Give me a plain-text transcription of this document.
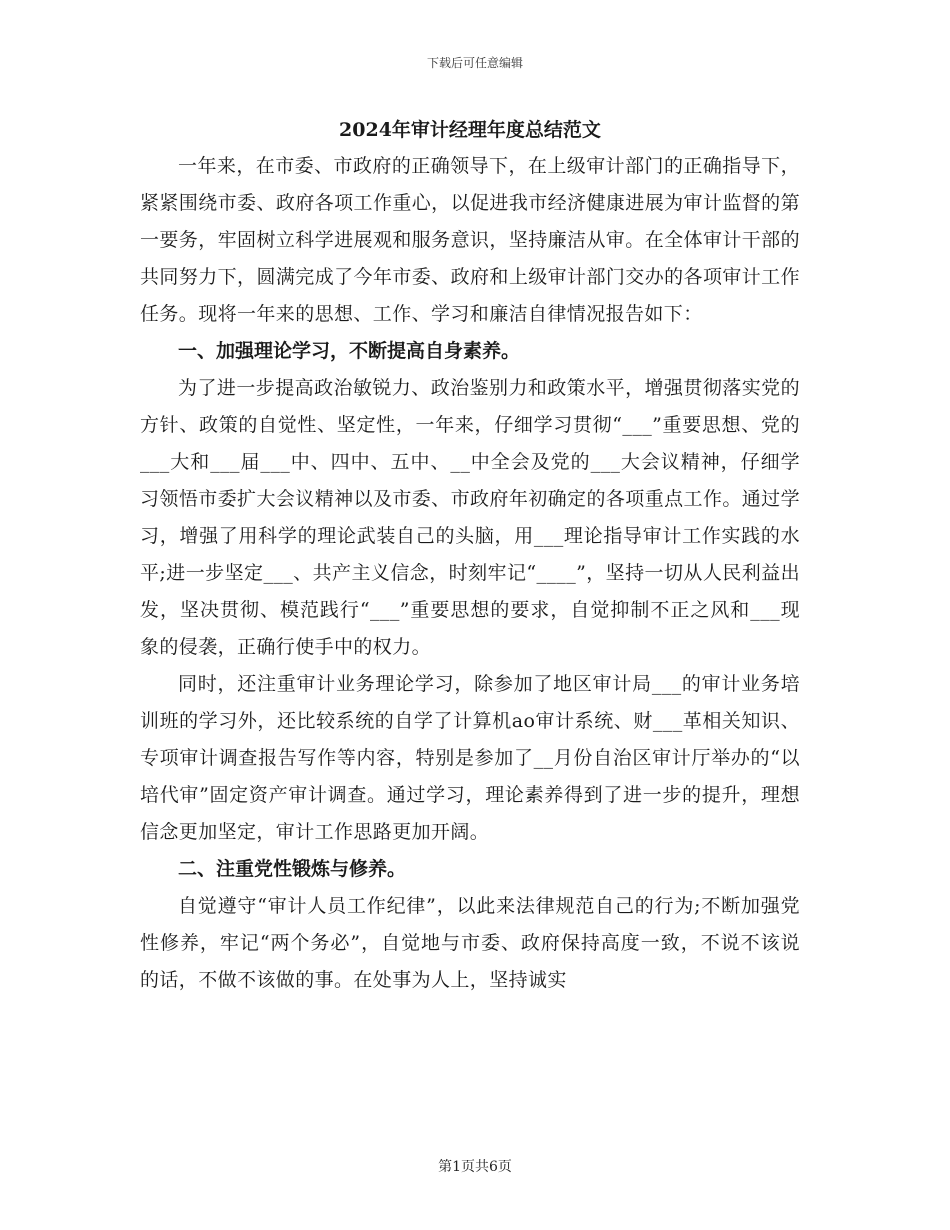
下载后可任意编辑
2024年审计经理年度总结范文

一年来，在市委、市政府的正确领导下，在上级审计部门的正确指导下，紧紧围绕市委、政府各项工作重心，以促进我市经济健康进展为审计监督的第一要务，牢固树立科学进展观和服务意识，坚持廉洁从审。在全体审计干部的共同努力下，圆满完成了今年市委、政府和上级审计部门交办的各项审计工作任务。现将一年来的思想、工作、学习和廉洁自律情况报告如下：

一、加强理论学习，不断提高自身素养。

为了进一步提高政治敏锐力、政治鉴别力和政策水平，增强贯彻落实党的方针、政策的自觉性、坚定性，一年来，仔细学习贯彻“___”重要思想、党的___大和___届___中、四中、五中、__中全会及党的___大会议精神，仔细学习领悟市委扩大会议精神以及市委、市政府年初确定的各项重点工作。通过学习，增强了用科学的理论武装自己的头脑，用___理论指导审计工作实践的水平;进一步坚定___、共产主义信念，时刻牢记“____”，坚持一切从人民利益出发，坚决贯彻、模范践行“___”重要思想的要求，自觉抑制不正之风和___现象的侵袭，正确行使手中的权力。

同时，还注重审计业务理论学习，除参加了地区审计局___的审计业务培训班的学习外，还比较系统的自学了计算机ao审计系统、财___革相关知识、专项审计调查报告写作等内容，特别是参加了__月份自治区审计厅举办的“以培代审”固定资产审计调查。通过学习，理论素养得到了进一步的提升，理想信念更加坚定，审计工作思路更加开阔。

二、注重党性锻炼与修养。

自觉遵守“审计人员工作纪律”，以此来法律规范自己的行为;不断加强党性修养，牢记“两个务必”，自觉地与市委、政府保持高度一致，不说不该说的话，不做不该做的事。在处事为人上，坚持诚实

第1页共6页
